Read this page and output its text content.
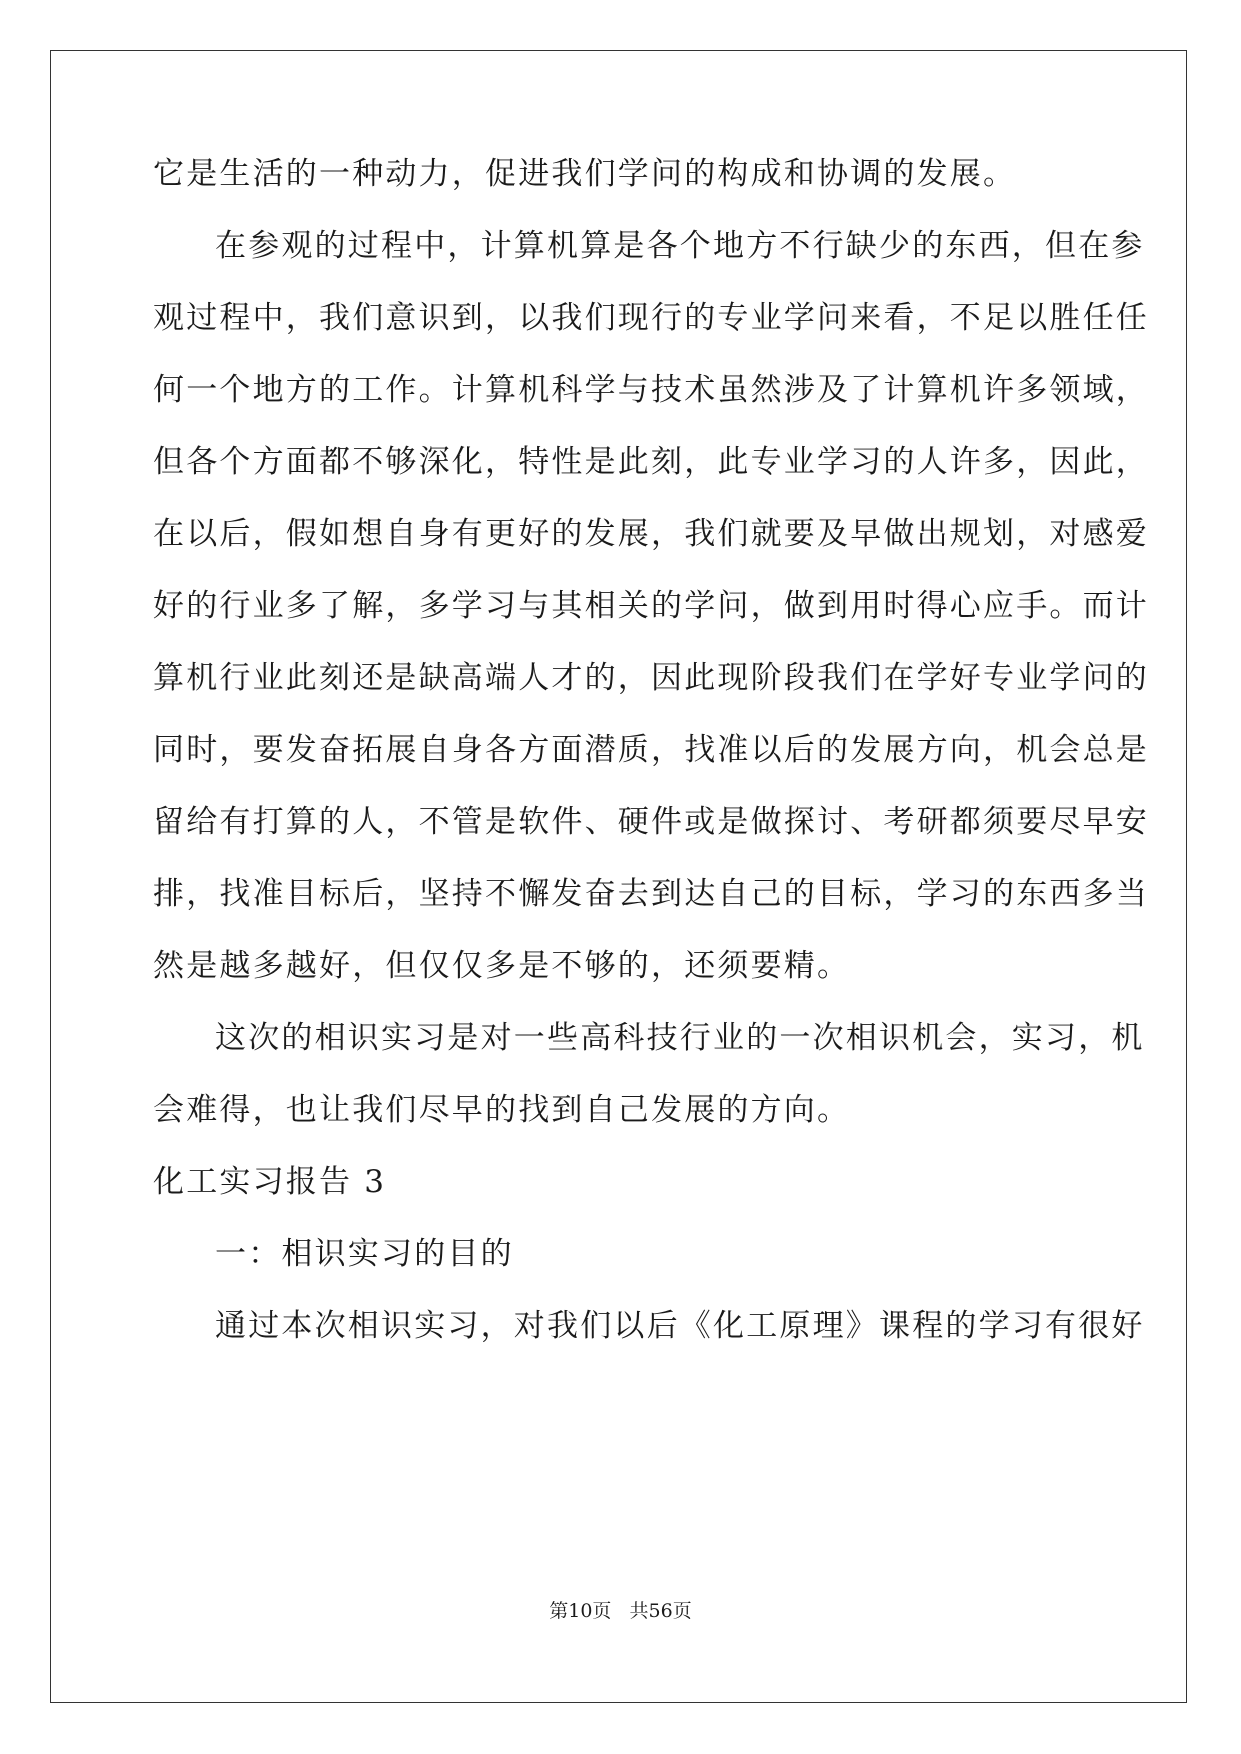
它是生活的一种动力，促进我们学问的构成和协调的发展。
在参观的过程中，计算机算是各个地方不行缺少的东西，但在参
观过程中，我们意识到，以我们现行的专业学问来看，不足以胜任任
何一个地方的工作。计算机科学与技术虽然涉及了计算机许多领域，
但各个方面都不够深化，特性是此刻，此专业学习的人许多，因此，
在以后，假如想自身有更好的发展，我们就要及早做出规划，对感爱
好的行业多了解，多学习与其相关的学问，做到用时得心应手。而计
算机行业此刻还是缺高端人才的，因此现阶段我们在学好专业学问的
同时，要发奋拓展自身各方面潜质，找准以后的发展方向，机会总是
留给有打算的人，不管是软件、硬件或是做探讨、考研都须要尽早安
排，找准目标后，坚持不懈发奋去到达自己的目标，学习的东西多当
然是越多越好，但仅仅多是不够的，还须要精。
这次的相识实习是对一些高科技行业的一次相识机会，实习，机
会难得，也让我们尽早的找到自己发展的方向。
化工实习报告 3
一：相识实习的目的
通过本次相识实习，对我们以后《化工原理》课程的学习有很好
第10页   共56页
